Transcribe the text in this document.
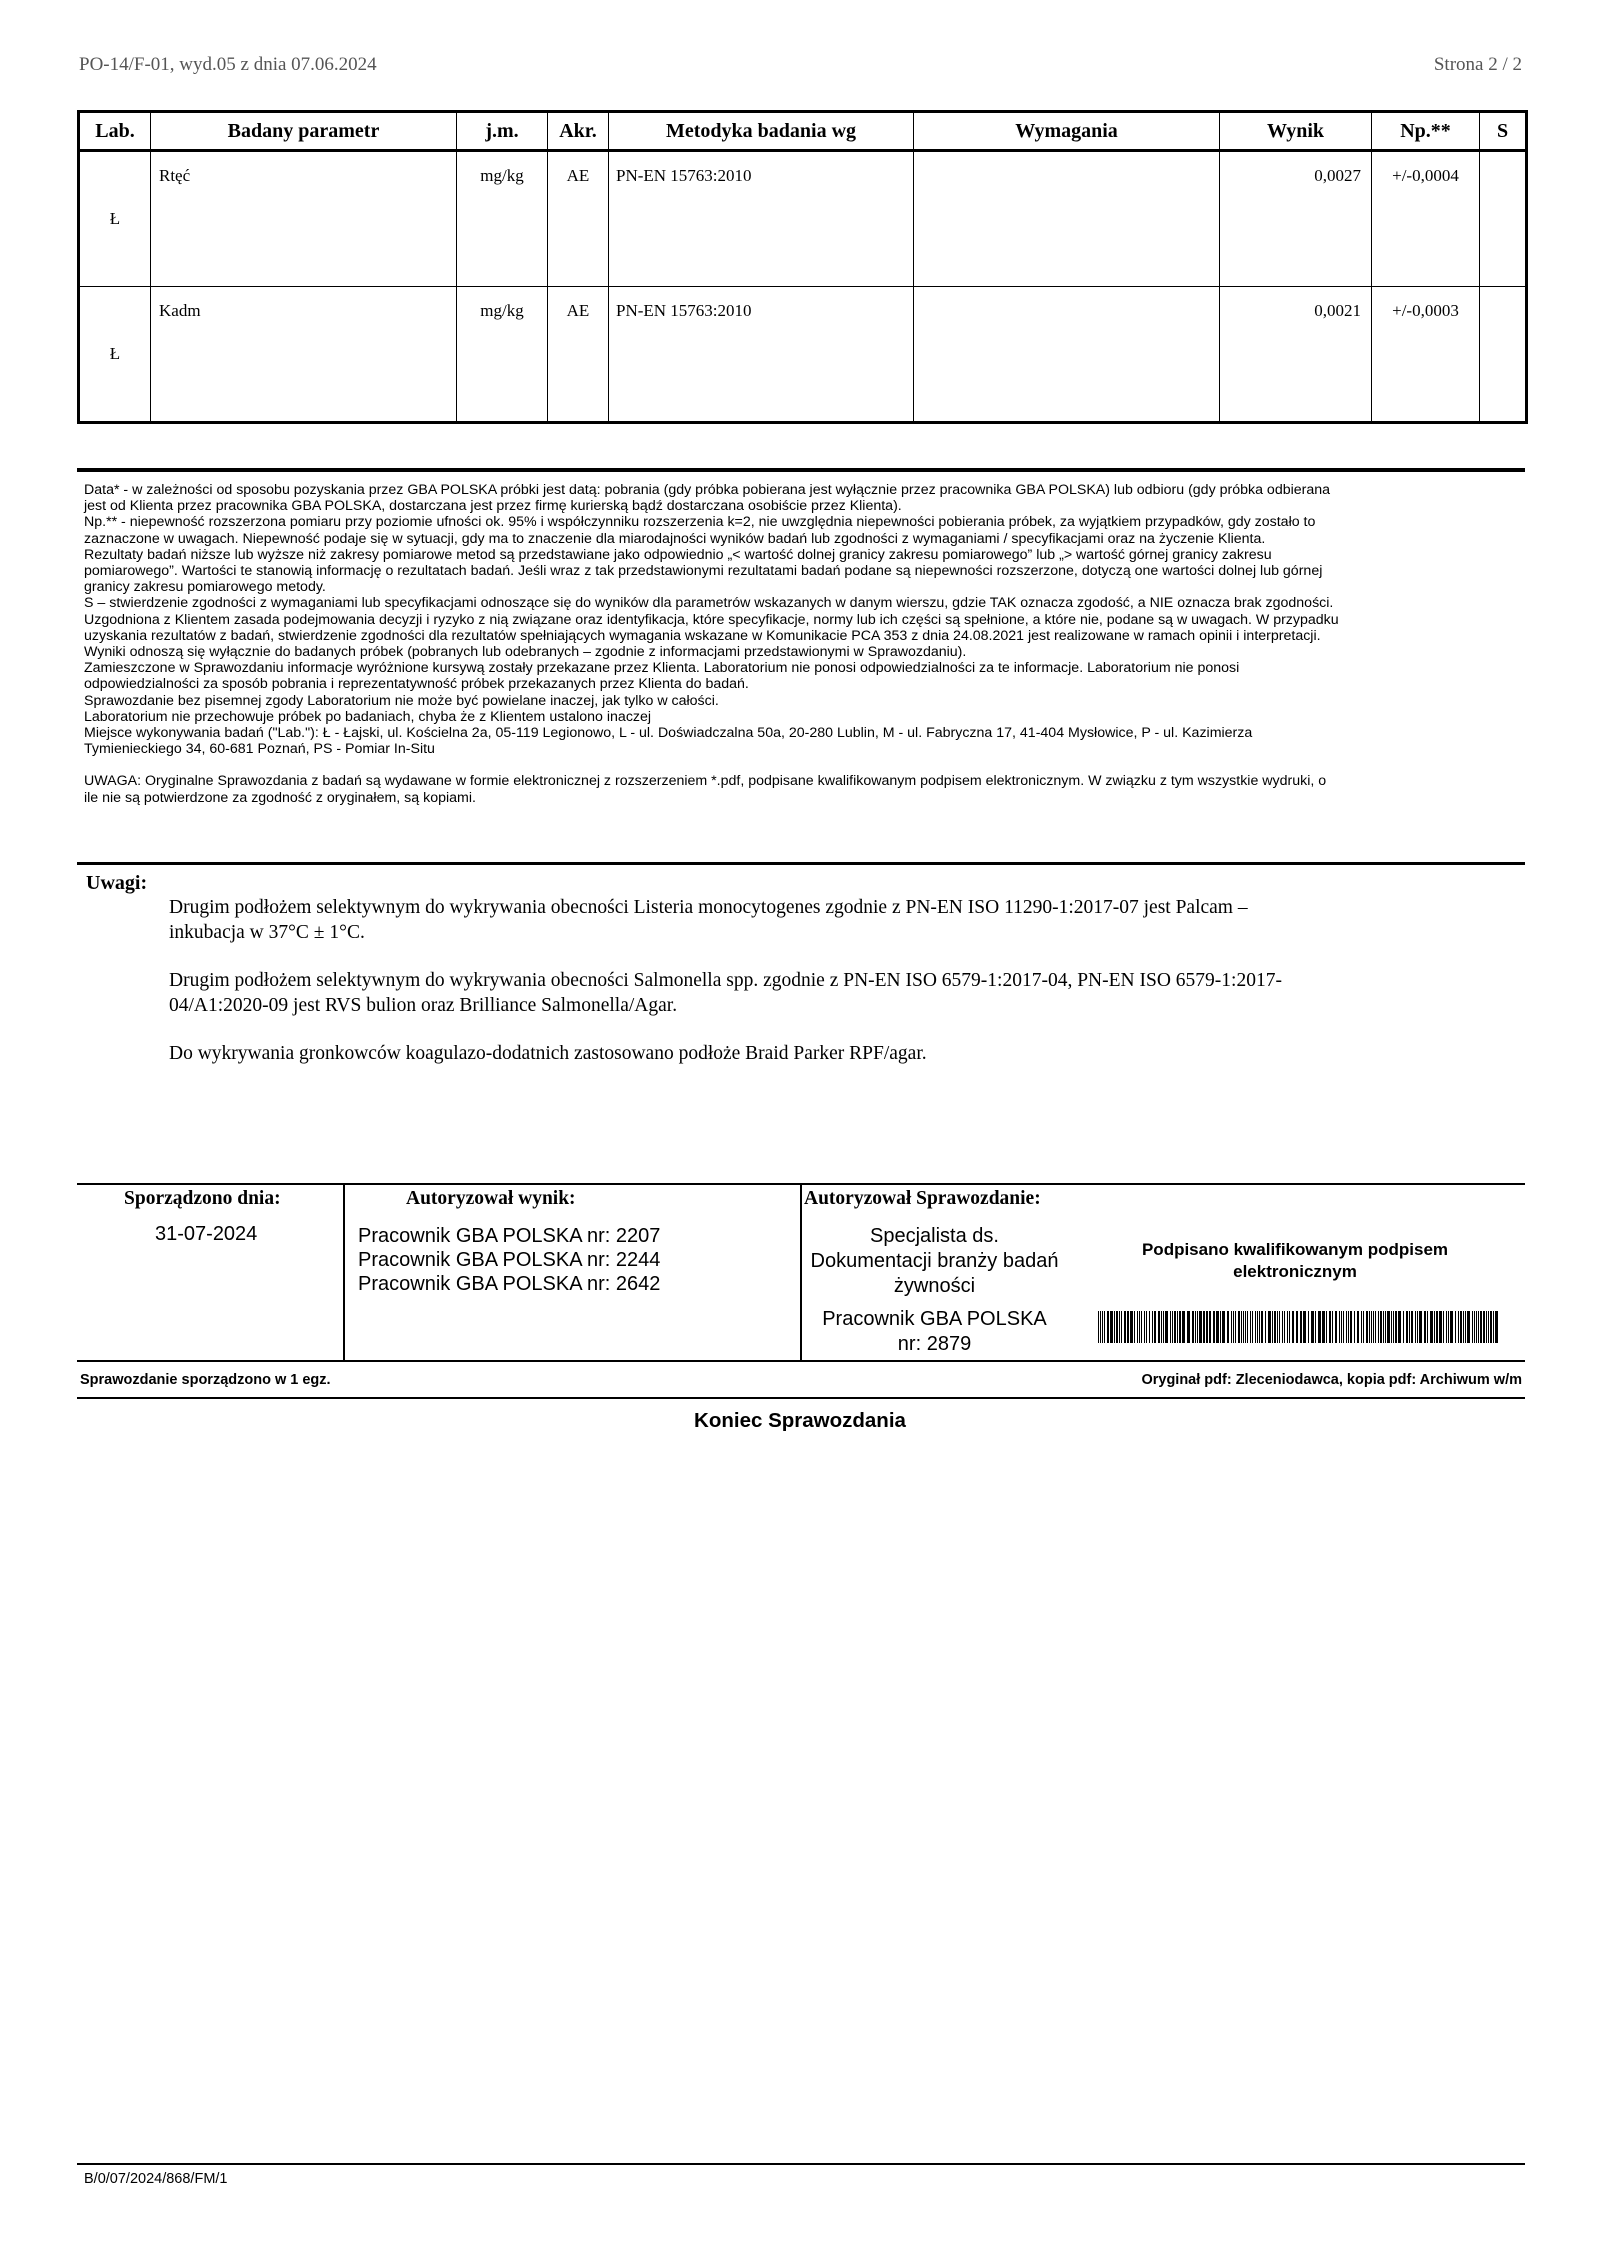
PO-14/F-01, wyd.05 z dnia 07.06.2024	Strona 2 / 2
Lab.	Badany parametr	j.m.	Akr.	Metodyka badania wg	Wymagania	Wynik	Np.**	S
Ł	Rtęć	mg/kg	AE	PN-EN 15763:2010		0,0027	+/-0,0004	

Ł	Kadm	mg/kg	AE	PN-EN 15763:2010		0,0021	+/-0,0003	

Data* - w zależności od sposobu pozyskania przez GBA POLSKA próbki jest datą: pobrania (gdy próbka pobierana jest wyłącznie przez pracownika GBA POLSKA) lub odbioru (gdy próbka odbierana
jest od Klienta przez pracownika GBA POLSKA, dostarczana jest przez firmę kurierską bądź dostarczana osobiście przez Klienta).
Np.** - niepewność rozszerzona pomiaru przy poziomie ufności ok. 95% i współczynniku rozszerzenia k=2, nie uwzględnia niepewności pobierania próbek, za wyjątkiem przypadków, gdy zostało to
zaznaczone w uwagach. Niepewność podaje się w sytuacji, gdy ma to znaczenie dla miarodajności wyników badań lub zgodności z wymaganiami / specyfikacjami oraz na życzenie Klienta.
Rezultaty badań niższe lub wyższe niż zakresy pomiarowe metod są przedstawiane jako odpowiednio „< wartość dolnej granicy zakresu pomiarowego” lub „> wartość górnej granicy zakresu
pomiarowego”. Wartości te stanowią informację o rezultatach badań. Jeśli wraz z tak przedstawionymi rezultatami badań podane są niepewności rozszerzone, dotyczą one wartości dolnej lub górnej
granicy zakresu pomiarowego metody.
S – stwierdzenie zgodności z wymaganiami lub specyfikacjami odnoszące się do wyników dla parametrów wskazanych w danym wierszu, gdzie TAK oznacza zgodość, a NIE oznacza brak zgodności.
Uzgodniona z Klientem zasada podejmowania decyzji i ryzyko z nią związane oraz identyfikacja, które specyfikacje, normy lub ich części są spełnione, a które nie, podane są w uwagach. W przypadku
uzyskania rezultatów z badań, stwierdzenie zgodności dla rezultatów spełniających wymagania wskazane w Komunikacie PCA 353 z dnia 24.08.2021 jest realizowane w ramach opinii i interpretacji.
Wyniki odnoszą się wyłącznie do badanych próbek (pobranych lub odebranych – zgodnie z informacjami przedstawionymi w Sprawozdaniu).
Zamieszczone w Sprawozdaniu informacje wyróżnione kursywą zostały przekazane przez Klienta. Laboratorium nie ponosi odpowiedzialności za te informacje. Laboratorium nie ponosi
odpowiedzialności za sposób pobrania i reprezentatywność próbek przekazanych przez Klienta do badań.
Sprawozdanie bez pisemnej zgody Laboratorium nie może być powielane inaczej, jak tylko w całości.
Laboratorium nie przechowuje próbek po badaniach, chyba że z Klientem ustalono inaczej
Miejsce wykonywania badań ("Lab."): Ł - Łajski, ul. Kościelna 2a, 05-119 Legionowo, L - ul. Doświadczalna 50a, 20-280 Lublin, M - ul. Fabryczna 17, 41-404 Mysłowice, P - ul. Kazimierza
Tymienieckiego 34, 60-681 Poznań, PS - Pomiar In-Situ
UWAGA: Oryginalne Sprawozdania z badań są wydawane w formie elektronicznej z rozszerzeniem *.pdf, podpisane kwalifikowanym podpisem elektronicznym. W związku z tym wszystkie wydruki, o
ile nie są potwierdzone za zgodność z oryginałem, są kopiami.
Uwagi:

Drugim podłożem selektywnym do wykrywania obecności Listeria monocytogenes zgodnie z PN-EN ISO 11290-1:2017-07 jest Palcam –
inkubacja w 37°C ± 1°C.

Drugim podłożem selektywnym do wykrywania obecności Salmonella spp. zgodnie z PN-EN ISO 6579-1:2017-04, PN-EN ISO 6579-1:2017-
04/A1:2020-09 jest RVS bulion oraz Brilliance Salmonella/Agar.

Do wykrywania gronkowców koagulazo-dodatnich zastosowano podłoże Braid Parker RPF/agar.

Sporządzono dnia:	Autoryzował wynik:	Autoryzował Sprawozdanie:
31-07-2024	Pracownik GBA POLSKA nr: 2207
Pracownik GBA POLSKA nr: 2244
Pracownik GBA POLSKA nr: 2642
Specjalista ds.
Dokumentacji branży badań
żywności
Pracownik GBA POLSKA
nr: 2879
Podpisano kwalifikowanym podpisem
elektronicznym
Sprawozdanie sporządzono w 1 egz.	Oryginał pdf: Zleceniodawca, kopia pdf: Archiwum w/m
Koniec Sprawozdania
B/0/07/2024/868/FM/1
